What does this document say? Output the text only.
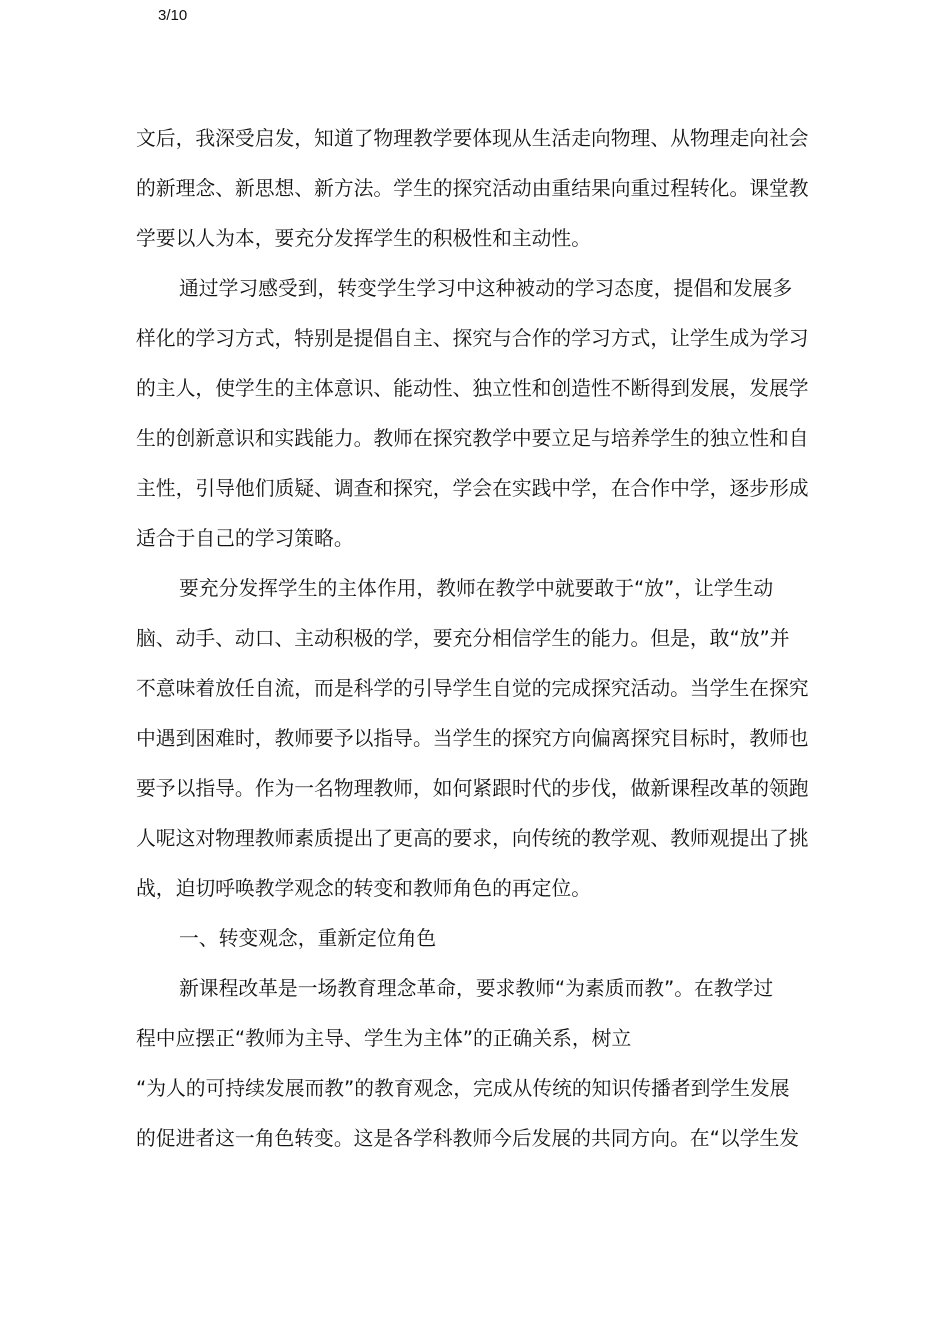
3/10
文后，我深受启发，知道了物理教学要体现从生活走向物理、从物理走向社会
的新理念、新思想、新方法。学生的探究活动由重结果向重过程转化。课堂教
学要以人为本，要充分发挥学生的积极性和主动性。
通过学习感受到，转变学生学习中这种被动的学习态度，提倡和发展多
样化的学习方式，特别是提倡自主、探究与合作的学习方式，让学生成为学习
的主人，使学生的主体意识、能动性、独立性和创造性不断得到发展，发展学
生的创新意识和实践能力。教师在探究教学中要立足与培养学生的独立性和自
主性，引导他们质疑、调查和探究，学会在实践中学，在合作中学，逐步形成
适合于自己的学习策略。
要充分发挥学生的主体作用，教师在教学中就要敢于“放”，让学生动
脑、动手、动口、主动积极的学，要充分相信学生的能力。但是，敢“放”并
不意味着放任自流，而是科学的引导学生自觉的完成探究活动。当学生在探究
中遇到困难时，教师要予以指导。当学生的探究方向偏离探究目标时，教师也
要予以指导。作为一名物理教师，如何紧跟时代的步伐，做新课程改革的领跑
人呢这对物理教师素质提出了更高的要求，向传统的教学观、教师观提出了挑
战，迫切呼唤教学观念的转变和教师角色的再定位。
一、转变观念，重新定位角色
新课程改革是一场教育理念革命，要求教师“为素质而教”。在教学过
程中应摆正“教师为主导、学生为主体”的正确关系，树立
“为人的可持续发展而教”的教育观念，完成从传统的知识传播者到学生发展
的促进者这一角色转变。这是各学科教师今后发展的共同方向。在“以学生发
